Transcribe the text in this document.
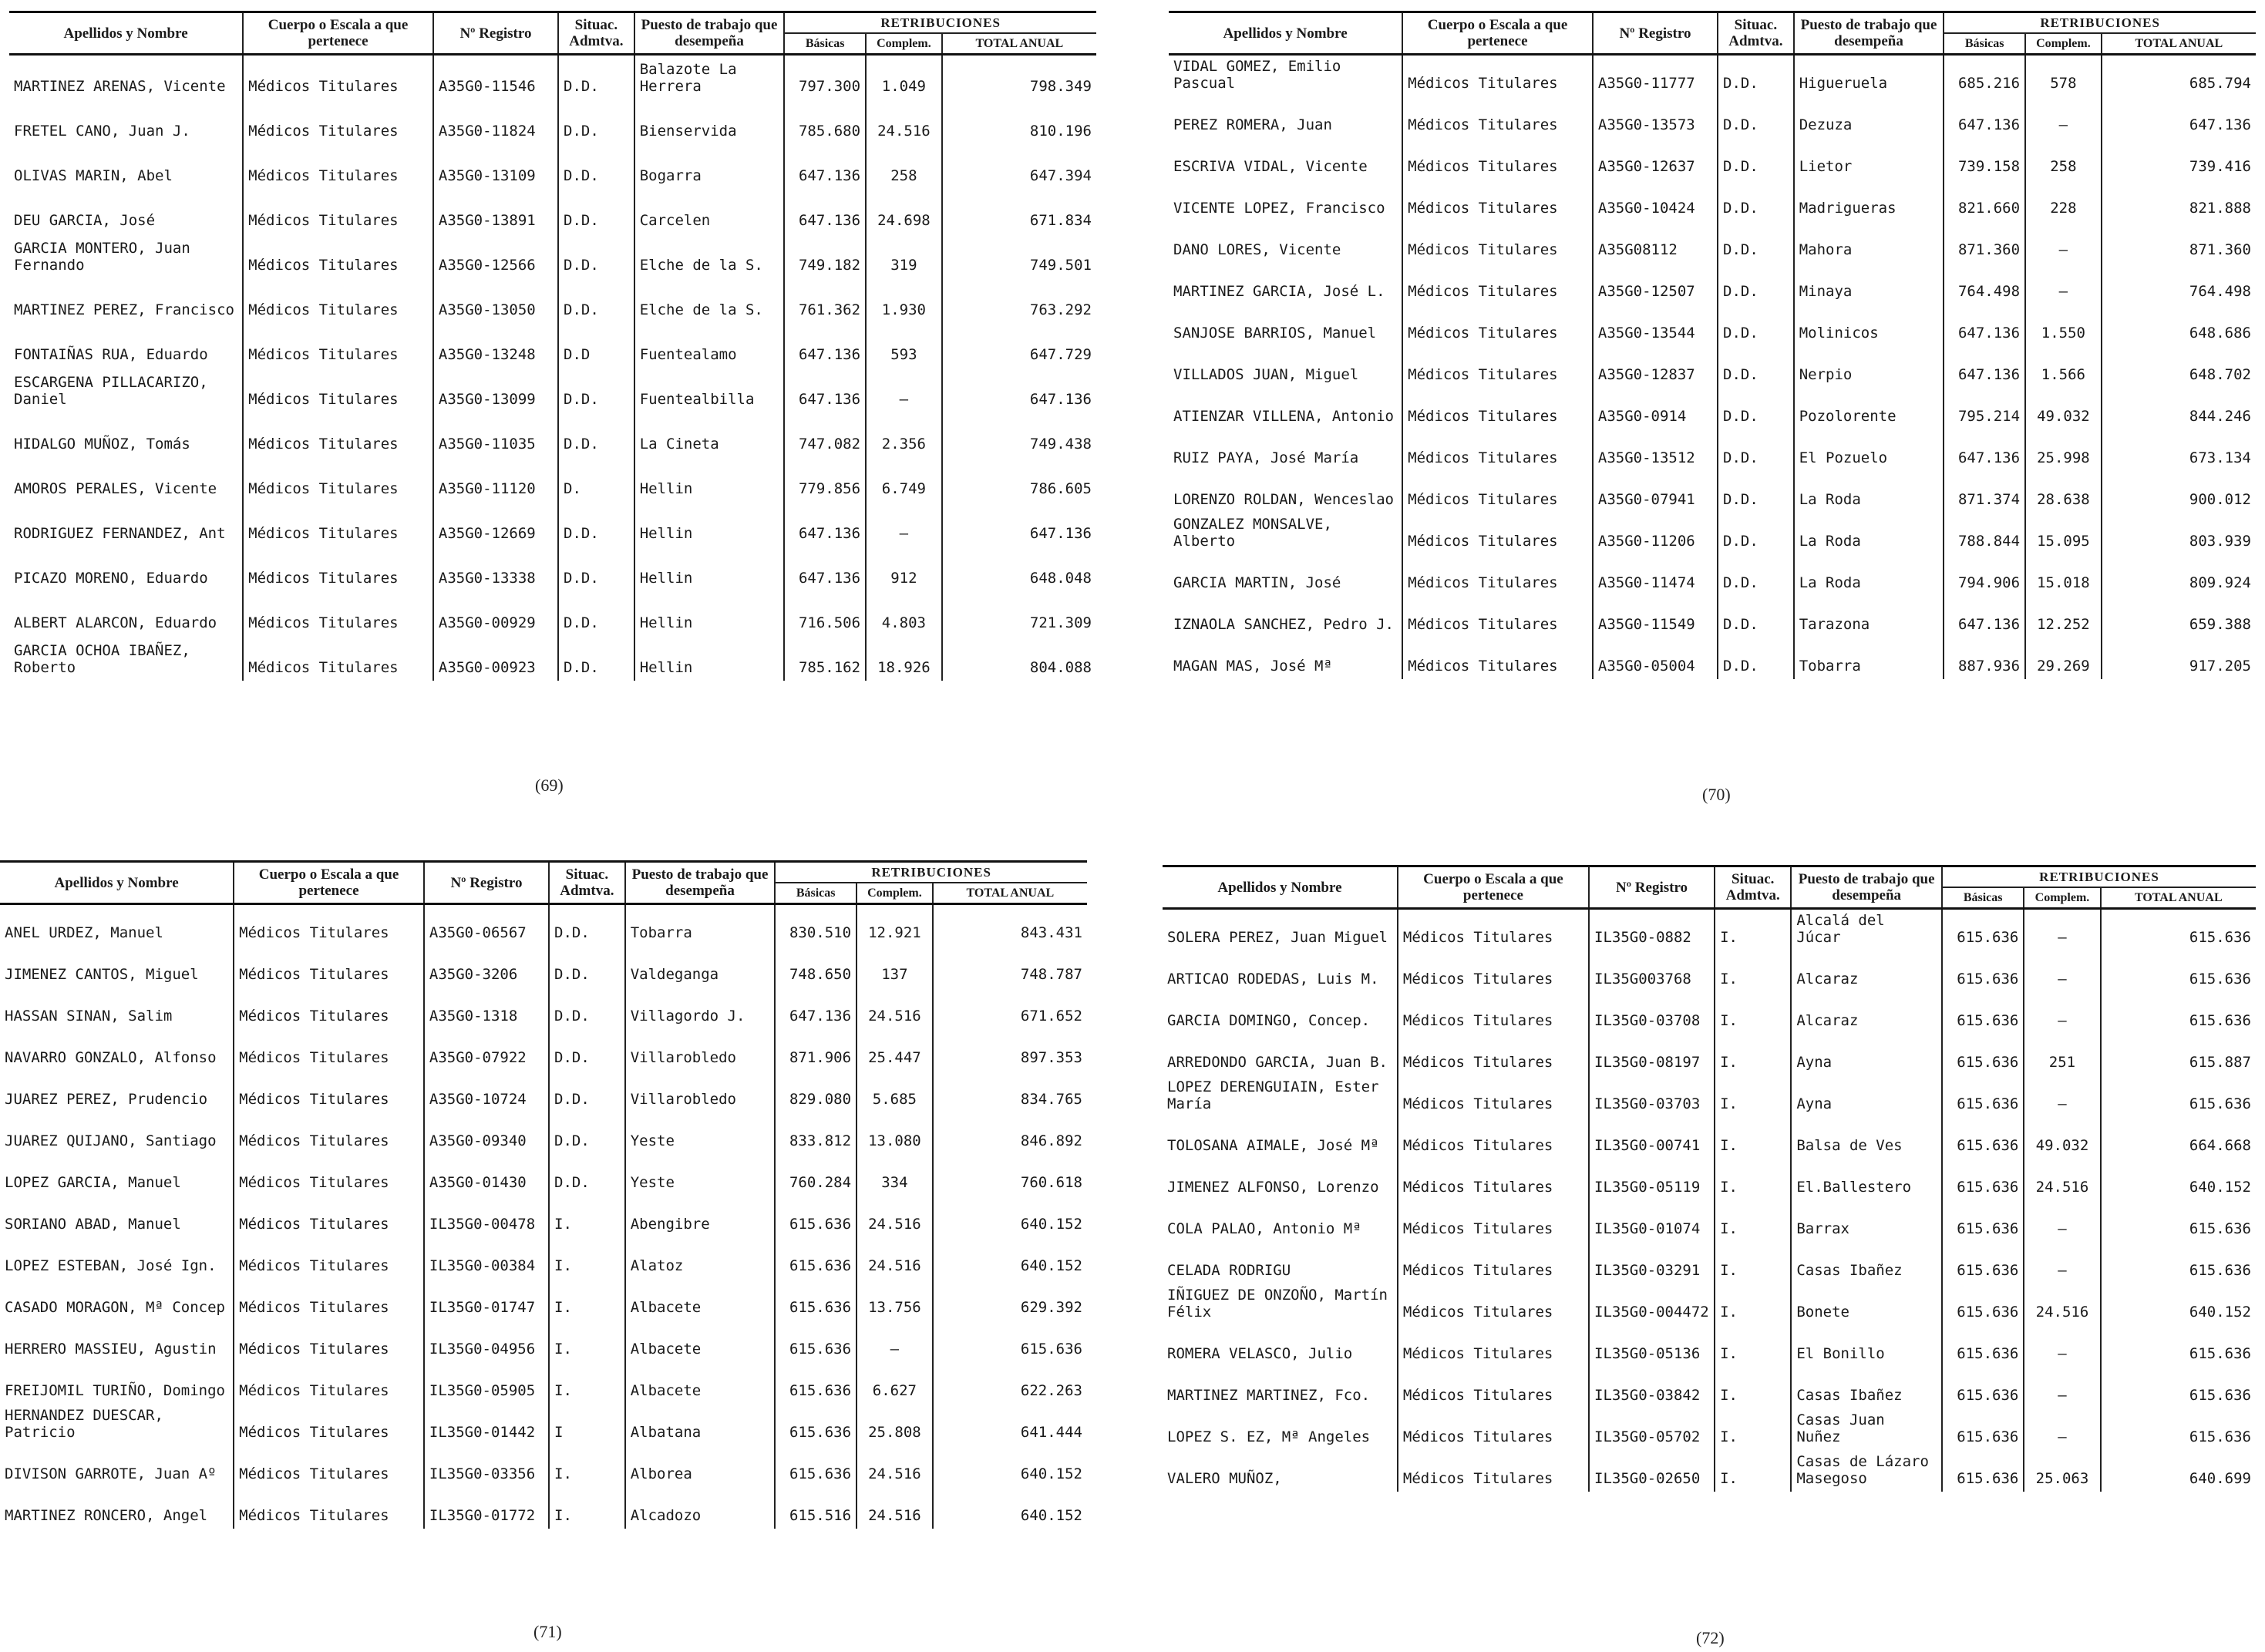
Apellidos y Nombre	Cuerpo o Escala a que pertenece	Nº Registro	Situac. Admtva.	Puesto de trabajo que desempeña	RETRIBUCIONES		
					Básicas	Complem.	TOTAL ANUAL
MARTINEZ ARENAS, Vicente	Médicos Titulares	A35G0-11546	D.D.	Balazote La Herrera	797.300	1.049	798.349
FRETEL CANO, Juan J.	Médicos Titulares	A35G0-11824	D.D.	Bienservida	785.680	24.516	810.196
OLIVAS MARIN, Abel	Médicos Titulares	A35G0-13109	D.D.	Bogarra	647.136	258	647.394
DEU GARCIA, José	Médicos Titulares	A35G0-13891	D.D.	Carcelen	647.136	24.698	671.834
GARCIA MONTERO, Juan Fernando	Médicos Titulares	A35G0-12566	D.D.	Elche de la S.	749.182	319	749.501
MARTINEZ PEREZ, Francisco	Médicos Titulares	A35G0-13050	D.D.	Elche de la S.	761.362	1.930	763.292
FONTAIÑAS RUA, Eduardo	Médicos Titulares	A35G0-13248	D.D	Fuentealamo	647.136	593	647.729
ESCARGENA PILLACARIZO, Daniel	Médicos Titulares	A35G0-13099	D.D.	Fuentealbilla	647.136	—	647.136
HIDALGO MUÑOZ, Tomás	Médicos Titulares	A35G0-11035	D.D.	La Cineta	747.082	2.356	749.438
AMOROS PERALES, Vicente	Médicos Titulares	A35G0-11120	D.	Hellin	779.856	6.749	786.605
RODRIGUEZ FERNANDEZ, Ant	Médicos Titulares	A35G0-12669	D.D.	Hellin	647.136	—	647.136
PICAZO MORENO, Eduardo	Médicos Titulares	A35G0-13338	D.D.	Hellin	647.136	912	648.048
ALBERT ALARCON, Eduardo	Médicos Titulares	A35G0-00929	D.D.	Hellin	716.506	4.803	721.309
GARCIA OCHOA IBAÑEZ, Roberto	Médicos Titulares	A35G0-00923	D.D.	Hellin	785.162	18.926	804.088
(69)
Apellidos y Nombre	Cuerpo o Escala a que pertenece	Nº Registro	Situac. Admtva.	Puesto de trabajo que desempeña	RETRIBUCIONES		
					Básicas	Complem.	TOTAL ANUAL
VIDAL GOMEZ, Emilio Pascual	Médicos Titulares	A35G0-11777	D.D.	Higueruela	685.216	578	685.794
PEREZ ROMERA, Juan	Médicos Titulares	A35G0-13573	D.D.	Dezuza	647.136	—	647.136
ESCRIVA VIDAL, Vicente	Médicos Titulares	A35G0-12637	D.D.	Lietor	739.158	258	739.416
VICENTE LOPEZ, Francisco	Médicos Titulares	A35G0-10424	D.D.	Madrigueras	821.660	228	821.888
DANO LORES, Vicente	Médicos Titulares	A35G08112	D.D.	Mahora	871.360	—	871.360
MARTINEZ GARCIA, José L.	Médicos Titulares	A35G0-12507	D.D.	Minaya	764.498	—	764.498
SANJOSE BARRIOS, Manuel	Médicos Titulares	A35G0-13544	D.D.	Molinicos	647.136	1.550	648.686
VILLADOS JUAN, Miguel	Médicos Titulares	A35G0-12837	D.D.	Nerpio	647.136	1.566	648.702
ATIENZAR VILLENA, Antonio	Médicos Titulares	A35G0-0914	D.D.	Pozolorente	795.214	49.032	844.246
RUIZ PAYA, José María	Médicos Titulares	A35G0-13512	D.D.	El Pozuelo	647.136	25.998	673.134
LORENZO ROLDAN, Wenceslao	Médicos Titulares	A35G0-07941	D.D.	La Roda	871.374	28.638	900.012
GONZALEZ MONSALVE, Alberto	Médicos Titulares	A35G0-11206	D.D.	La Roda	788.844	15.095	803.939
GARCIA MARTIN, José	Médicos Titulares	A35G0-11474	D.D.	La Roda	794.906	15.018	809.924
IZNAOLA SANCHEZ, Pedro J.	Médicos Titulares	A35G0-11549	D.D.	Tarazona	647.136	12.252	659.388
MAGAN MAS, José Mª	Médicos Titulares	A35G0-05004	D.D.	Tobarra	887.936	29.269	917.205
(70)
Apellidos y Nombre	Cuerpo o Escala a que pertenece	Nº Registro	Situac. Admtva.	Puesto de trabajo que desempeña	RETRIBUCIONES		
					Básicas	Complem.	TOTAL ANUAL
ANEL URDEZ, Manuel	Médicos Titulares	A35G0-06567	D.D.	Tobarra	830.510	12.921	843.431
JIMENEZ CANTOS, Miguel	Médicos Titulares	A35G0-3206	D.D.	Valdeganga	748.650	137	748.787
HASSAN SINAN, Salim	Médicos Titulares	A35G0-1318	D.D.	Villagordo J.	647.136	24.516	671.652
NAVARRO GONZALO, Alfonso	Médicos Titulares	A35G0-07922	D.D.	Villarobledo	871.906	25.447	897.353
JUAREZ PEREZ, Prudencio	Médicos Titulares	A35G0-10724	D.D.	Villarobledo	829.080	5.685	834.765
JUAREZ QUIJANO, Santiago	Médicos Titulares	A35G0-09340	D.D.	Yeste	833.812	13.080	846.892
LOPEZ GARCIA, Manuel	Médicos Titulares	A35G0-01430	D.D.	Yeste	760.284	334	760.618
SORIANO ABAD, Manuel	Médicos Titulares	IL35G0-00478	I.	Abengibre	615.636	24.516	640.152
LOPEZ ESTEBAN, José Ign.	Médicos Titulares	IL35G0-00384	I.	Alatoz	615.636	24.516	640.152
CASADO MORAGON, Mª Concep	Médicos Titulares	IL35G0-01747	I.	Albacete	615.636	13.756	629.392
HERRERO MASSIEU, Agustin	Médicos Titulares	IL35G0-04956	I.	Albacete	615.636	—	615.636
FREIJOMIL TURIÑO, Domingo	Médicos Titulares	IL35G0-05905	I.	Albacete	615.636	6.627	622.263
HERNANDEZ DUESCAR, Patricio	Médicos Titulares	IL35G0-01442	I	Albatana	615.636	25.808	641.444
DIVISON GARROTE, Juan Aº	Médicos Titulares	IL35G0-03356	I.	Alborea	615.636	24.516	640.152
MARTINEZ RONCERO, Angel	Médicos Titulares	IL35G0-01772	I.	Alcadozo	615.516	24.516	640.152
(71)
Apellidos y Nombre	Cuerpo o Escala a que pertenece	Nº Registro	Situac. Admtva.	Puesto de trabajo que desempeña	RETRIBUCIONES		
					Básicas	Complem.	TOTAL ANUAL
SOLERA PEREZ, Juan Miguel	Médicos Titulares	IL35G0-0882	I.	Alcalá del Júcar	615.636	—	615.636
ARTICAO RODEDAS, Luis M.	Médicos Titulares	IL35G003768	I.	Alcaraz	615.636	—	615.636
GARCIA DOMINGO, Concep.	Médicos Titulares	IL35G0-03708	I.	Alcaraz	615.636	—	615.636
ARREDONDO GARCIA, Juan B.	Médicos Titulares	IL35G0-08197	I.	Ayna	615.636	251	615.887
LOPEZ DERENGUIAIN, Ester María	Médicos Titulares	IL35G0-03703	I.	Ayna	615.636	—	615.636
TOLOSANA AIMALE, José Mª	Médicos Titulares	IL35G0-00741	I.	Balsa de Ves	615.636	49.032	664.668
JIMENEZ ALFONSO, Lorenzo	Médicos Titulares	IL35G0-05119	I.	El.Ballestero	615.636	24.516	640.152
COLA PALAO, Antonio Mª	Médicos Titulares	IL35G0-01074	I.	Barrax	615.636	—	615.636
CELADA RODRIGU	Médicos Titulares	IL35G0-03291	I.	Casas Ibañez	615.636	—	615.636
IÑIGUEZ DE ONZOÑO, Martín Félix	Médicos Titulares	IL35G0-004472	I.	Bonete	615.636	24.516	640.152
ROMERA VELASCO, Julio	Médicos Titulares	IL35G0-05136	I.	El Bonillo	615.636	—	615.636
MARTINEZ MARTINEZ, Fco.	Médicos Titulares	IL35G0-03842	I.	Casas Ibañez	615.636	—	615.636
LOPEZ S. EZ, Mª Angeles	Médicos Titulares	IL35G0-05702	I.	Casas Juan Nuñez	615.636	—	615.636
VALERO MUÑOZ,	Médicos Titulares	IL35G0-02650	I.	Casas de Lázaro Masegoso	615.636	25.063	640.699
(72)
